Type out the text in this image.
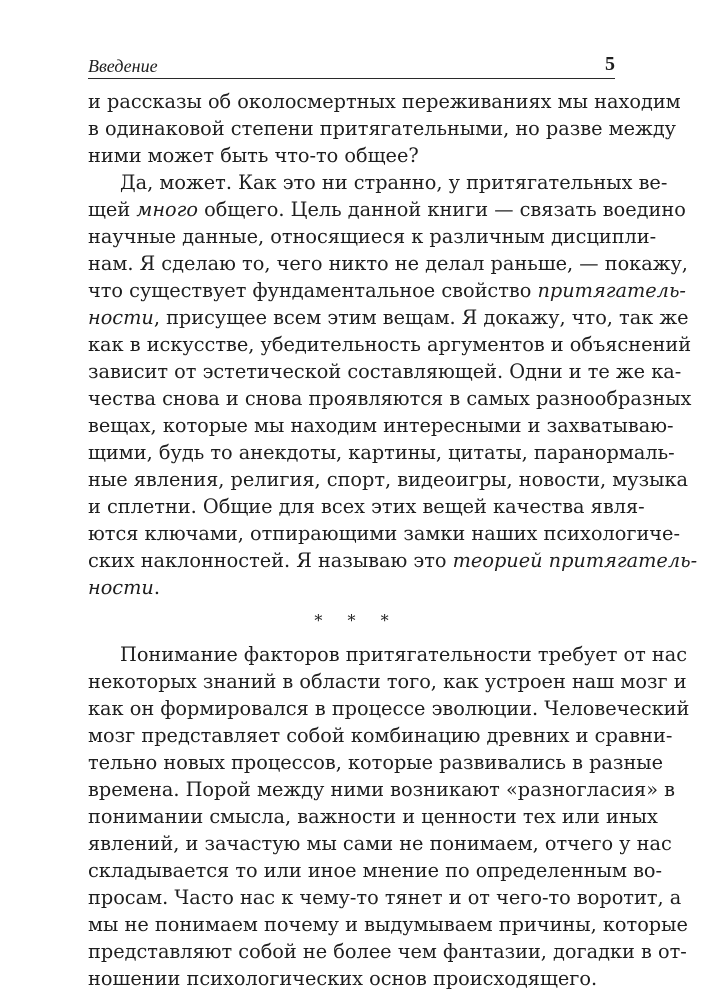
Введение	5
и рассказы об околосмертных переживаниях мы находим
в одинаковой степени притягательными, но разве между
ними может быть что-то общее?
Да, может. Как это ни странно, у притягательных ве-
щей много общего. Цель данной книги — связать воедино
научные данные, относящиеся к различным дисципли-
нам. Я сделаю то, чего никто не делал раньше, — покажу,
что существует фундаментальное свойство притягатель-
ности, присущее всем этим вещам. Я докажу, что, так же
как в искусстве, убедительность аргументов и объяснений
зависит от эстетической составляющей. Одни и те же ка-
чества снова и снова проявляются в самых разнообразных
вещах, которые мы находим интересными и захватываю-
щими, будь то анекдоты, картины, цитаты, паранормаль-
ные явления, религия, спорт, видеоигры, новости, музыка
и сплетни. Общие для всех этих вещей качества явля-
ются ключами, отпирающими замки наших психологиче-
ских наклонностей. Я называю это теорией притягатель-
ности.
* * *
Понимание факторов притягательности требует от нас
некоторых знаний в области того, как устроен наш мозг и
как он формировался в процессе эволюции. Человеческий
мозг представляет собой комбинацию древних и сравни-
тельно новых процессов, которые развивались в разные
времена. Порой между ними возникают «разногласия» в
понимании смысла, важности и ценности тех или иных
явлений, и зачастую мы сами не понимаем, отчего у нас
складывается то или иное мнение по определенным во-
просам. Часто нас к чему-то тянет и от чего-то воротит, а
мы не понимаем почему и выдумываем причины, которые
представляют собой не более чем фантазии, догадки в от-
ношении психологических основ происходящего.
